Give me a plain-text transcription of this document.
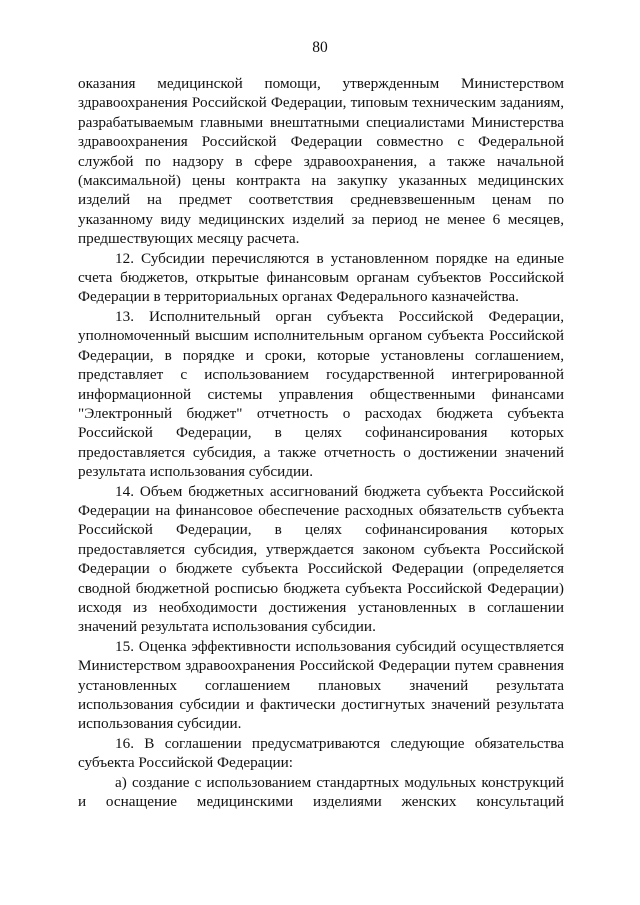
80

оказания медицинской помощи, утвержденным Министерством здравоохранения Российской Федерации, типовым техническим заданиям, разрабатываемым главными внештатными специалистами Министерства здравоохранения Российской Федерации совместно с Федеральной службой по надзору в сфере здравоохранения, а также начальной (максимальной) цены контракта на закупку указанных медицинских изделий на предмет соответствия средневзвешенным ценам по указанному виду медицинских изделий за период не менее 6 месяцев, предшествующих месяцу расчета.

12. Субсидии перечисляются в установленном порядке на единые счета бюджетов, открытые финансовым органам субъектов Российской Федерации в территориальных органах Федерального казначейства.

13. Исполнительный орган субъекта Российской Федерации, уполномоченный высшим исполнительным органом субъекта Российской Федерации, в порядке и сроки, которые установлены соглашением, представляет с использованием государственной интегрированной информационной системы управления общественными финансами "Электронный бюджет" отчетность о расходах бюджета субъекта Российской Федерации, в целях софинансирования которых предоставляется субсидия, а также отчетность о достижении значений результата использования субсидии.

14. Объем бюджетных ассигнований бюджета субъекта Российской Федерации на финансовое обеспечение расходных обязательств субъекта Российской Федерации, в целях софинансирования которых предоставляется субсидия, утверждается законом субъекта Российской Федерации о бюджете субъекта Российской Федерации (определяется сводной бюджетной росписью бюджета субъекта Российской Федерации) исходя из необходимости достижения установленных в соглашении значений результата использования субсидии.

15. Оценка эффективности использования субсидий осуществляется Министерством здравоохранения Российской Федерации путем сравнения установленных соглашением плановых значений результата использования субсидии и фактически достигнутых значений результата использования субсидии.

16. В соглашении предусматриваются следующие обязательства субъекта Российской Федерации:

а) создание с использованием стандартных модульных конструкций и оснащение медицинскими изделиями женских консультаций
